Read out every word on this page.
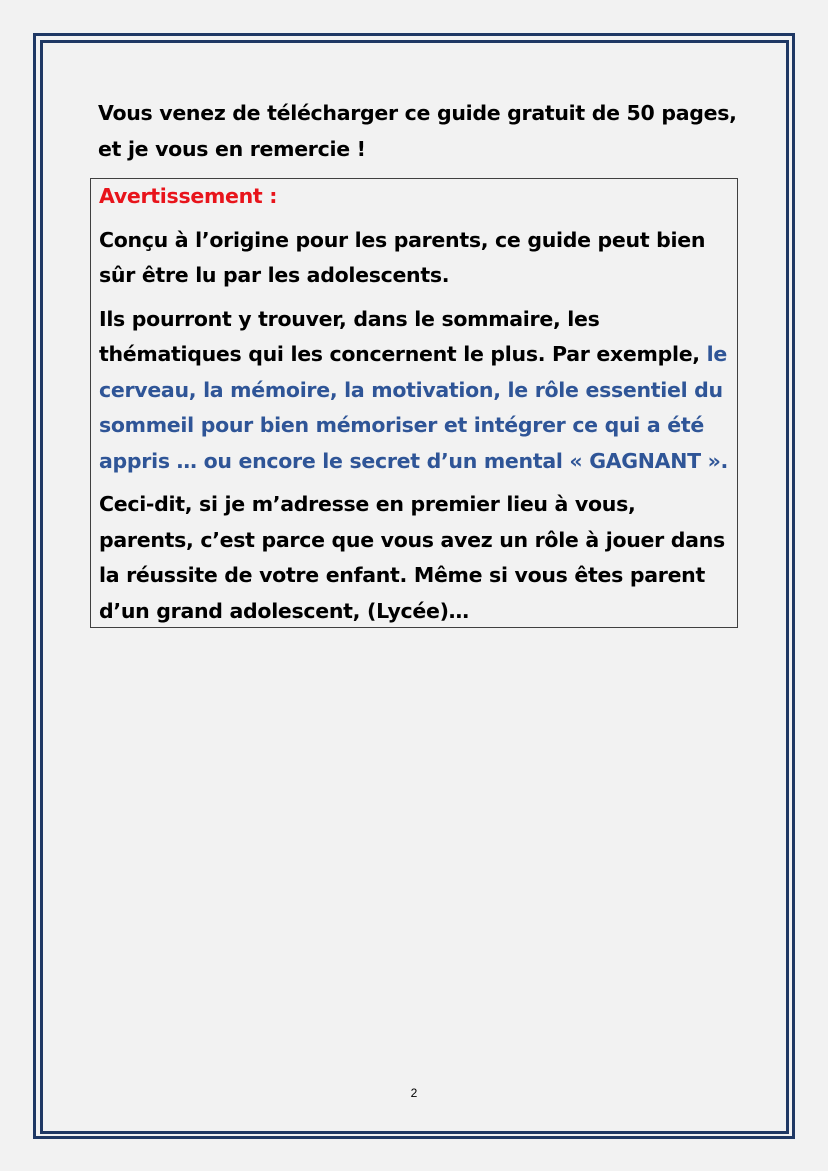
Vous venez de télécharger ce guide gratuit de 50 pages, et je vous en remercie !

Avertissement :

Conçu à l’origine pour les parents, ce guide peut bien sûr être lu par les adolescents.

Ils pourront y trouver, dans le sommaire, les thématiques qui les concernent le plus. Par exemple, le cerveau, la mémoire, la motivation, le rôle essentiel du sommeil pour bien mémoriser et intégrer ce qui a été appris … ou encore le secret d’un mental « GAGNANT ».

Ceci-dit, si je m’adresse en premier lieu à vous, parents, c’est parce que vous avez un rôle à jouer dans la réussite de votre enfant. Même si vous êtes parent d’un grand adolescent, (Lycée)…

2
